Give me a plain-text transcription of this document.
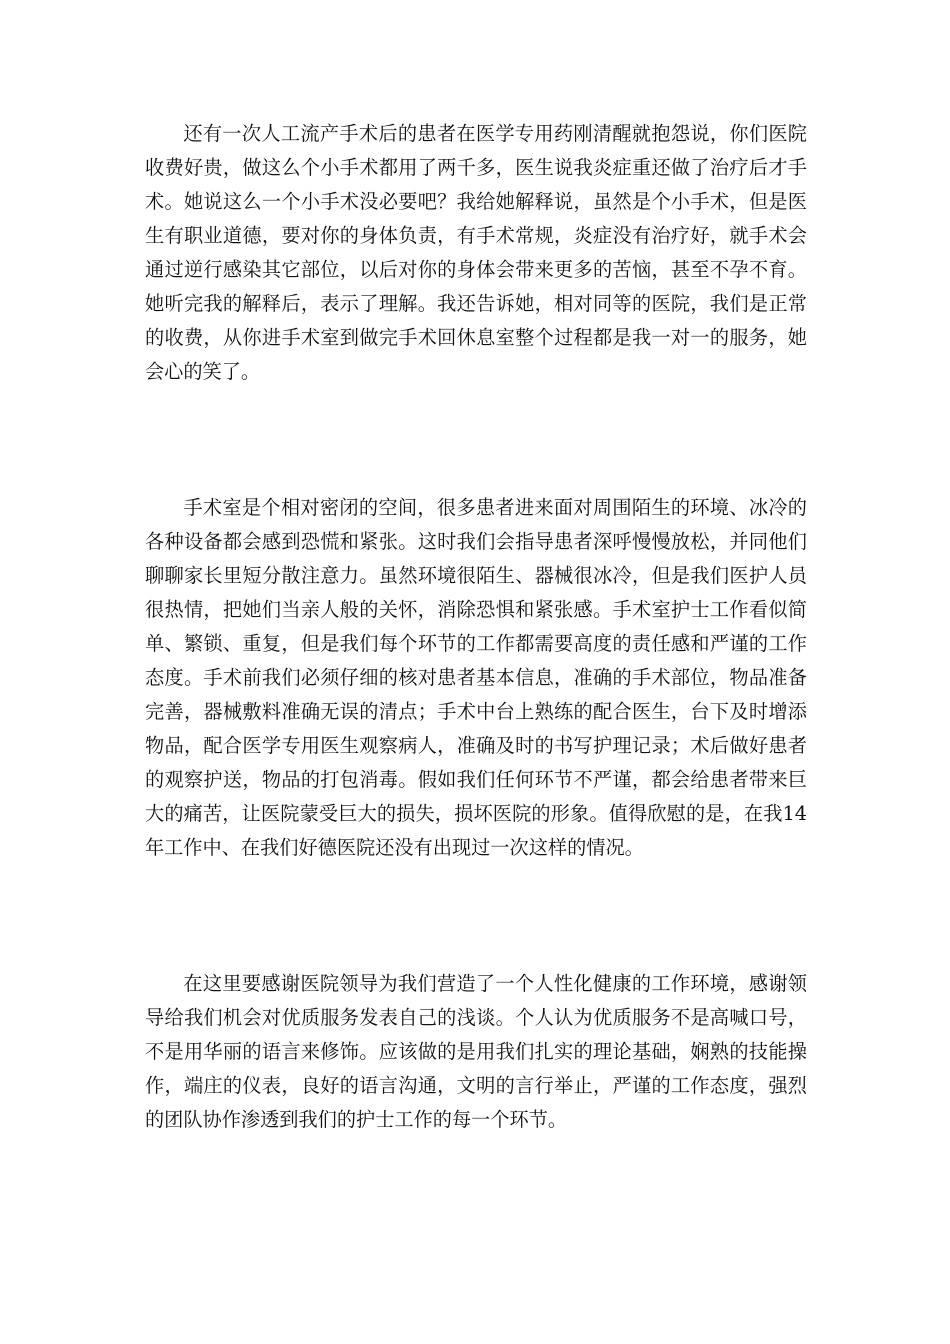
还有一次人工流产手术后的患者在医学专用药刚清醒就抱怨说，你们医院收费好贵，做这么个小手术都用了两千多，医生说我炎症重还做了治疗后才手术。她说这么一个小手术没必要吧？我给她解释说，虽然是个小手术，但是医生有职业道德，要对你的身体负责，有手术常规，炎症没有治疗好，就手术会通过逆行感染其它部位，以后对你的身体会带来更多的苦恼，甚至不孕不育。她听完我的解释后，表示了理解。我还告诉她，相对同等的医院，我们是正常的收费，从你进手术室到做完手术回休息室整个过程都是我一对一的服务，她会心的笑了。

手术室是个相对密闭的空间，很多患者进来面对周围陌生的环境、冰冷的各种设备都会感到恐慌和紧张。这时我们会指导患者深呼慢慢放松，并同他们聊聊家长里短分散注意力。虽然环境很陌生、器械很冰冷，但是我们医护人员很热情，把她们当亲人般的关怀，消除恐惧和紧张感。手术室护士工作看似简单、繁锁、重复，但是我们每个环节的工作都需要高度的责任感和严谨的工作态度。手术前我们必须仔细的核对患者基本信息，准确的手术部位，物品准备完善，器械敷料准确无误的清点；手术中台上熟练的配合医生，台下及时增添物品，配合医学专用医生观察病人，准确及时的书写护理记录；术后做好患者的观察护送，物品的打包消毒。假如我们任何环节不严谨，都会给患者带来巨大的痛苦，让医院蒙受巨大的损失，损坏医院的形象。值得欣慰的是，在我14年工作中、在我们好德医院还没有出现过一次这样的情况。

在这里要感谢医院领导为我们营造了一个人性化健康的工作环境，感谢领导给我们机会对优质服务发表自己的浅谈。个人认为优质服务不是高喊口号，不是用华丽的语言来修饰。应该做的是用我们扎实的理论基础，娴熟的技能操作，端庄的仪表，良好的语言沟通，文明的言行举止，严谨的工作态度，强烈的团队协作渗透到我们的护士工作的每一个环节。
